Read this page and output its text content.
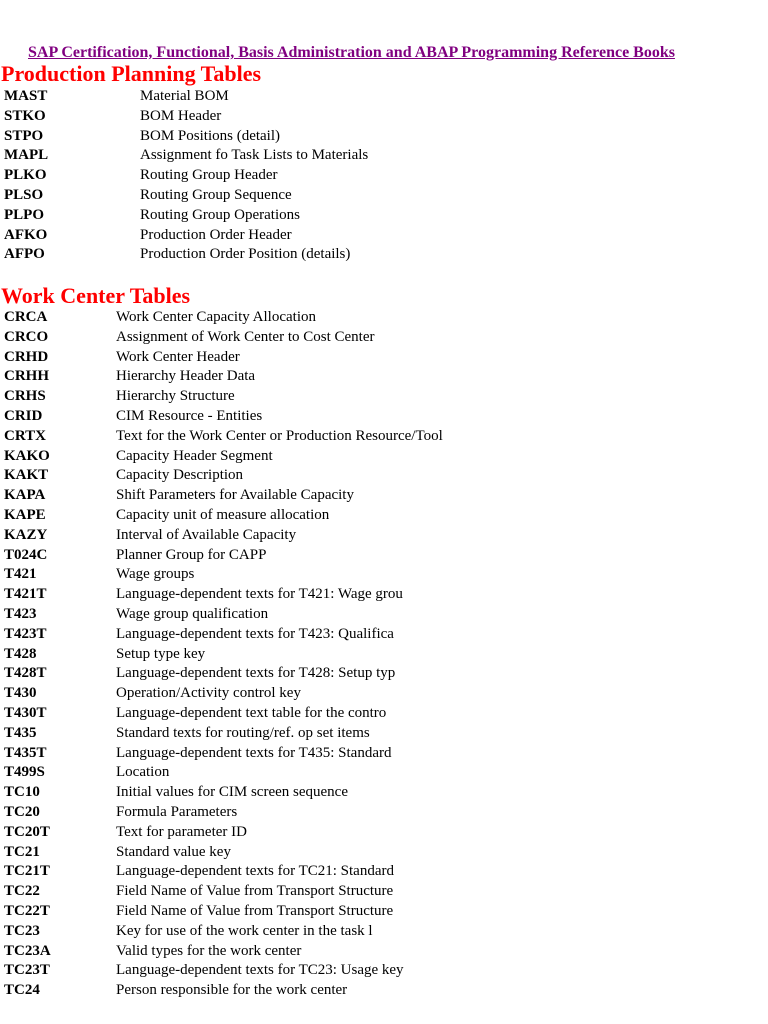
SAP Certification, Functional, Basis Administration and ABAP Programming Reference Books
Production Planning Tables
MAST	Material BOM
STKO	BOM Header
STPO	BOM Positions (detail)
MAPL	Assignment fo Task Lists to Materials
PLKO	Routing Group Header
PLSO	Routing Group Sequence
PLPO	Routing Group Operations
AFKO	Production Order Header
AFPO	Production Order Position (details)
Work Center Tables
CRCA	Work Center Capacity Allocation
CRCO	Assignment of Work Center to Cost Center
CRHD	Work Center Header
CRHH	Hierarchy Header Data
CRHS	Hierarchy Structure
CRID	CIM Resource - Entities
CRTX	Text for the Work Center or Production Resource/Tool
KAKO	Capacity Header Segment
KAKT	Capacity Description
KAPA	Shift Parameters for Available Capacity
KAPE	Capacity unit of measure allocation
KAZY	Interval of Available Capacity
T024C	Planner Group for CAPP
T421	Wage groups
T421T	Language-dependent texts for T421: Wage grou
T423	Wage group qualification
T423T	Language-dependent texts for T423: Qualifica
T428	Setup type key
T428T	Language-dependent texts for T428: Setup typ
T430	Operation/Activity control key
T430T	Language-dependent text table for the contro
T435	Standard texts for routing/ref. op set items
T435T	Language-dependent texts for T435: Standard
T499S	Location
TC10	Initial values for CIM screen sequence
TC20	Formula Parameters
TC20T	Text for parameter ID
TC21	Standard value key
TC21T	Language-dependent texts for TC21: Standard
TC22	Field Name of Value from Transport Structure
TC22T	Field Name of Value from Transport Structure
TC23	Key for use of the work center in the task l
TC23A	Valid types for the work center
TC23T	Language-dependent texts for TC23: Usage key
TC24	Person responsible for the work center
